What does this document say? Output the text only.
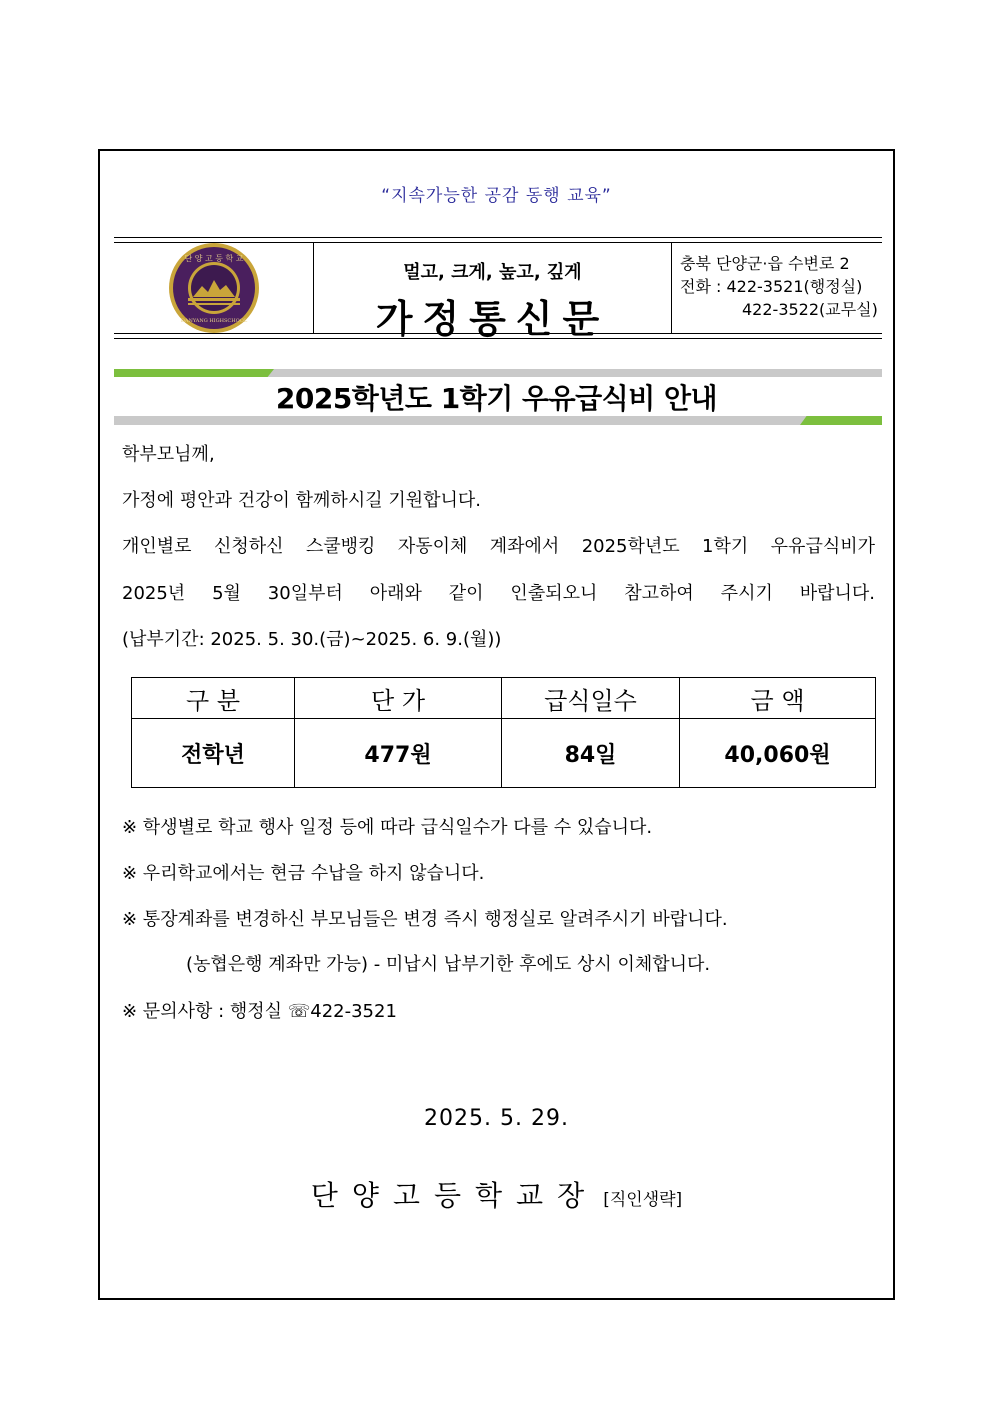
“지속가능한 공감 동행 교육”
단 양 고 등 학 교
DANYANG HIGHSCHOOL
멀고, 크게, 높고, 깊게
가정통신문
충북 단양군·읍 수변로 2
전화 : 422-3521(행정실)
422-3522(교무실)
2025학년도 1학기 우유급식비 안내
학부모님께,
가정에 평안과 건강이 함께하시길 기원합니다.
개인별로 신청하신 스쿨뱅킹 자동이체 계좌에서 2025학년도 1학기 우유급식비가
2025년 5월 30일부터 아래와 같이 인출되오니 참고하여 주시기 바랍니다.
(납부기간: 2025. 5. 30.(금)~2025. 6. 9.(월))
구 분	단 가	급식일수	금 액
전학년	477원	84일	40,060원
※ 학생별로 학교 행사 일정 등에 따라 급식일수가 다를 수 있습니다.
※ 우리학교에서는 현금 수납을 하지 않습니다.
※ 통장계좌를 변경하신 부모님들은 변경 즉시 행정실로 알려주시기 바랍니다.
(농협은행 계좌만 가능) - 미납시 납부기한 후에도 상시 이체합니다.
※ 문의사항 : 행정실 ☏422-3521
2025. 5. 29.
단양고등학교장 [직인생략]
